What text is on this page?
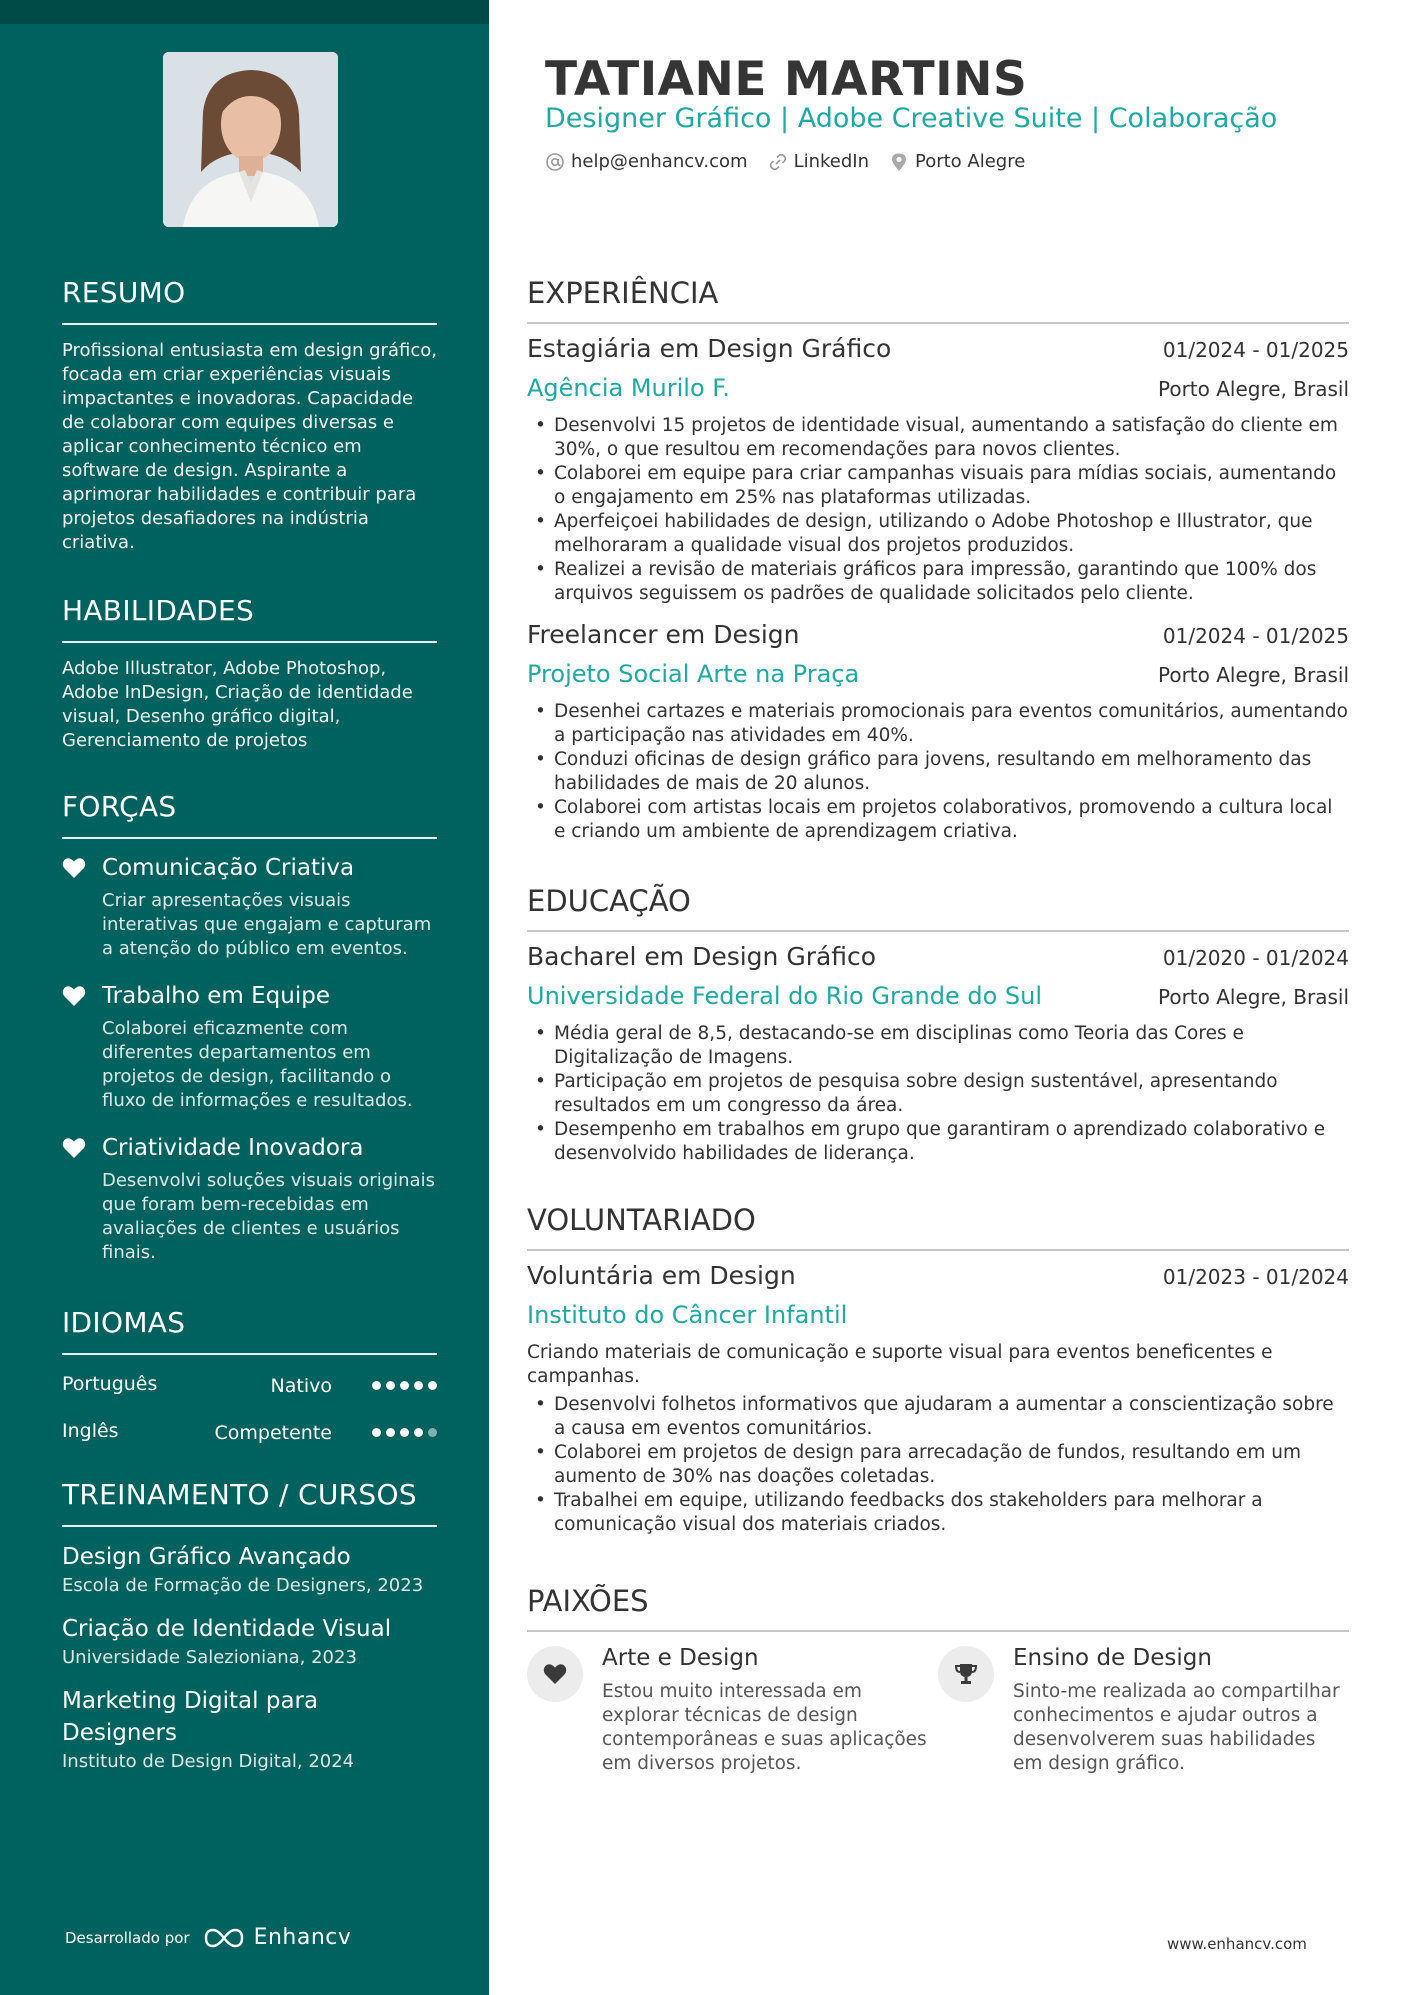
RESUMO
Profissional entusiasta em design gráfico, focada em criar experiências visuais impactantes e inovadoras. Capacidade de colaborar com equipes diversas e aplicar conhecimento técnico em software de design. Aspirante a aprimorar habilidades e contribuir para projetos desafiadores na indústria criativa.
HABILIDADES
Adobe Illustrator, Adobe Photoshop, Adobe InDesign, Criação de identidade visual, Desenho gráfico digital, Gerenciamento de projetos
FORÇAS
Comunicação Criativa
Criar apresentações visuais interativas que engajam e capturam a atenção do público em eventos.
Trabalho em Equipe
Colaborei eficazmente com diferentes departamentos em projetos de design, facilitando o fluxo de informações e resultados.
Criatividade Inovadora
Desenvolvi soluções visuais originais que foram bem-recebidas em avaliações de clientes e usuários finais.
IDIOMAS
Português	Nativo
Inglês	Competente
TREINAMENTO / CURSOS
Design Gráfico Avançado
Escola de Formação de Designers, 2023
Criação de Identidade Visual
Universidade Salezioniana, 2023
Marketing Digital para Designers
Instituto de Design Digital, 2024
Desarrollado por	Enhancv
TATIANE MARTINS
Designer Gráfico | Adobe Creative Suite | Colaboração
help@enhancv.com	LinkedIn	Porto Alegre
EXPERIÊNCIA
Estagiária em Design Gráfico	01/2024 - 01/2025
Agência Murilo F.	Porto Alegre, Brasil
• Desenvolvi 15 projetos de identidade visual, aumentando a satisfação do cliente em 30%, o que resultou em recomendações para novos clientes.
• Colaborei em equipe para criar campanhas visuais para mídias sociais, aumentando o engajamento em 25% nas plataformas utilizadas.
• Aperfeiçoei habilidades de design, utilizando o Adobe Photoshop e Illustrator, que melhoraram a qualidade visual dos projetos produzidos.
• Realizei a revisão de materiais gráficos para impressão, garantindo que 100% dos arquivos seguissem os padrões de qualidade solicitados pelo cliente.
Freelancer em Design	01/2024 - 01/2025
Projeto Social Arte na Praça	Porto Alegre, Brasil
• Desenhei cartazes e materiais promocionais para eventos comunitários, aumentando a participação nas atividades em 40%.
• Conduzi oficinas de design gráfico para jovens, resultando em melhoramento das habilidades de mais de 20 alunos.
• Colaborei com artistas locais em projetos colaborativos, promovendo a cultura local e criando um ambiente de aprendizagem criativa.
EDUCAÇÃO
Bacharel em Design Gráfico	01/2020 - 01/2024
Universidade Federal do Rio Grande do Sul	Porto Alegre, Brasil
• Média geral de 8,5, destacando-se em disciplinas como Teoria das Cores e Digitalização de Imagens.
• Participação em projetos de pesquisa sobre design sustentável, apresentando resultados em um congresso da área.
• Desempenho em trabalhos em grupo que garantiram o aprendizado colaborativo e desenvolvido habilidades de liderança.
VOLUNTARIADO
Voluntária em Design	01/2023 - 01/2024
Instituto do Câncer Infantil
Criando materiais de comunicação e suporte visual para eventos beneficentes e campanhas.
• Desenvolvi folhetos informativos que ajudaram a aumentar a conscientização sobre a causa em eventos comunitários.
• Colaborei em projetos de design para arrecadação de fundos, resultando em um aumento de 30% nas doações coletadas.
• Trabalhei em equipe, utilizando feedbacks dos stakeholders para melhorar a comunicação visual dos materiais criados.
PAIXÕES
Arte e Design
Estou muito interessada em explorar técnicas de design contemporâneas e suas aplicações em diversos projetos.
Ensino de Design
Sinto-me realizada ao compartilhar conhecimentos e ajudar outros a desenvolverem suas habilidades em design gráfico.
www.enhancv.com
